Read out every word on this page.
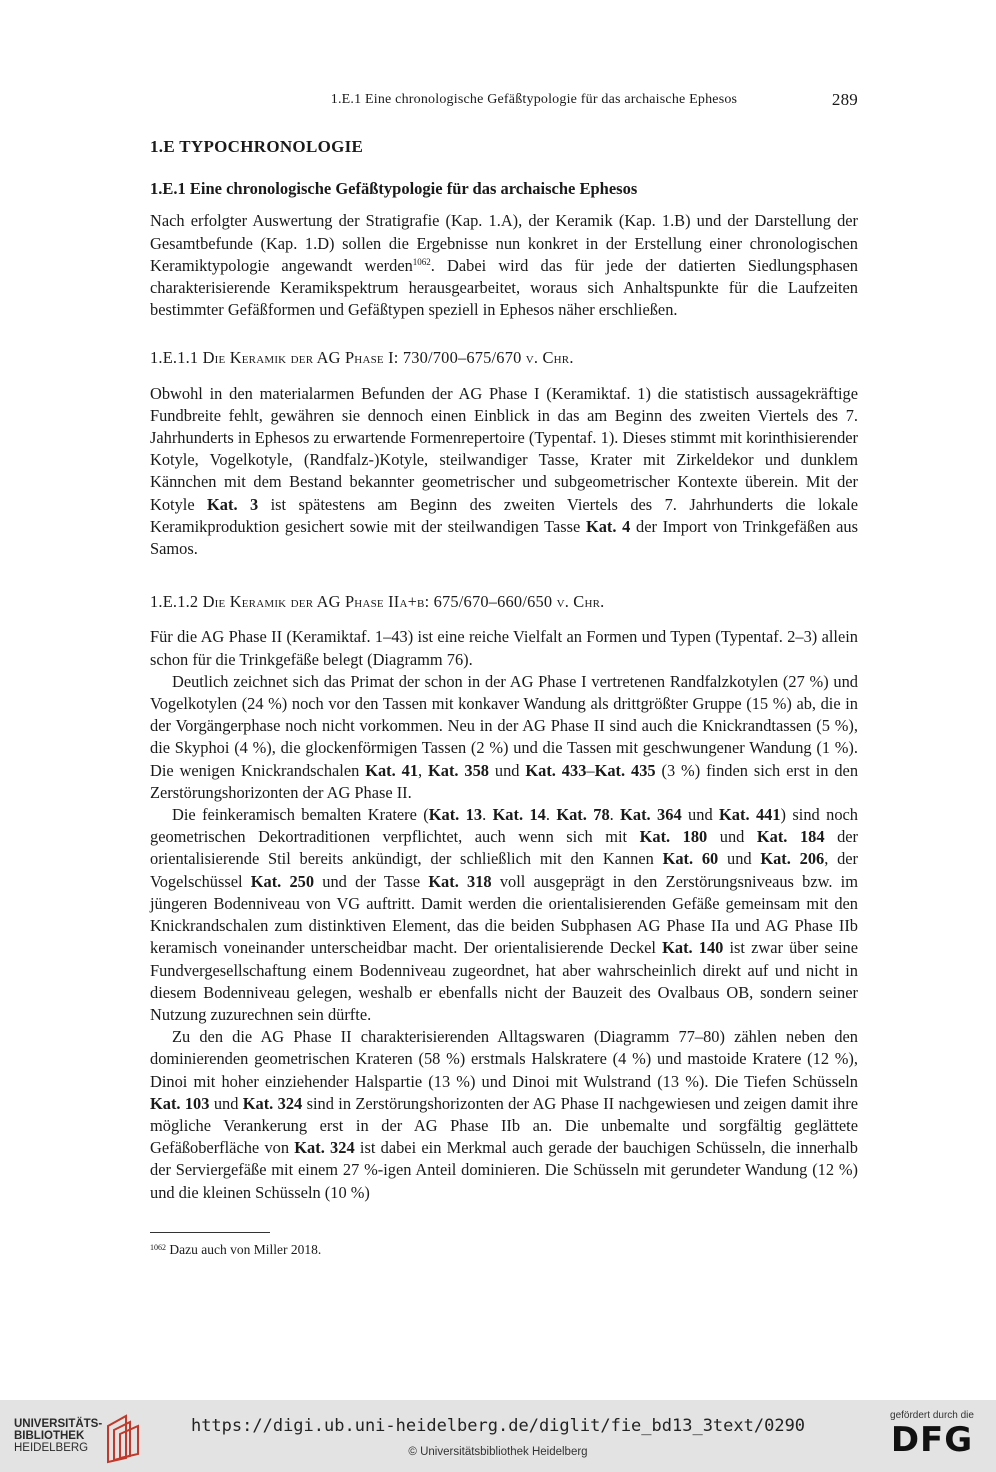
1.E.1 Eine chronologische Gefäßtypologie für das archaische Ephesos	289
1.E TYPOCHRONOLOGIE
1.E.1 Eine chronologische Gefäßtypologie für das archaische Ephesos

Nach erfolgter Auswertung der Stratigrafie (Kap. 1.A), der Keramik (Kap. 1.B) und der Darstellung der Gesamtbefunde (Kap. 1.D) sollen die Ergebnisse nun konkret in der Erstellung einer chronologischen Keramiktypologie angewandt werden$^{1062}$. Dabei wird das für jede der datierten Siedlungsphasen charakterisierende Keramikspektrum herausgearbeitet, woraus sich Anhaltspunkte für die Laufzeiten bestimmter Gefäßformen und Gefäßtypen speziell in Ephesos näher erschließen.

1.E.1.1 Die Keramik der AG Phase I: 730/700–675/670 v. Chr.

Obwohl in den materialarmen Befunden der AG Phase I (Keramiktaf. 1) die statistisch aussagekräftige Fundbreite fehlt, gewähren sie dennoch einen Einblick in das am Beginn des zweiten Viertels des 7. Jahrhunderts in Ephesos zu erwartende Formenrepertoire (Typentaf. 1). Dieses stimmt mit korinthisierender Kotyle, Vogelkotyle, (Randfalz-)Kotyle, steilwandiger Tasse, Krater mit Zirkeldekor und dunklem Kännchen mit dem Bestand bekannter geometrischer und subgeometrischer Kontexte überein. Mit der Kotyle Kat. 3 ist spätestens am Beginn des zweiten Viertels des 7. Jahrhunderts die lokale Keramikproduktion gesichert sowie mit der steilwandigen Tasse Kat. 4 der Import von Trinkgefäßen aus Samos.

1.E.1.2 Die Keramik der AG Phase IIa+b: 675/670–660/650 v. Chr.

Für die AG Phase II (Keramiktaf. 1–43) ist eine reiche Vielfalt an Formen und Typen (Typentaf. 2–3) allein schon für die Trinkgefäße belegt (Diagramm 76).

Deutlich zeichnet sich das Primat der schon in der AG Phase I vertretenen Randfalzkotylen (27 %) und Vogelkotylen (24 %) noch vor den Tassen mit konkaver Wandung als drittgrößter Gruppe (15 %) ab, die in der Vorgängerphase noch nicht vorkommen. Neu in der AG Phase II sind auch die Knickrandtassen (5 %), die Skyphoi (4 %), die glockenförmigen Tassen (2 %) und die Tassen mit geschwungener Wandung (1 %). Die wenigen Knickrandschalen Kat. 41, Kat. 358 und Kat. 433–Kat. 435 (3 %) finden sich erst in den Zerstörungshorizonten der AG Phase II.

Die feinkeramisch bemalten Kratere (Kat. 13. Kat. 14. Kat. 78. Kat. 364 und Kat. 441) sind noch geometrischen Dekortraditionen verpflichtet, auch wenn sich mit Kat. 180 und Kat. 184 der orientalisierende Stil bereits ankündigt, der schließlich mit den Kannen Kat. 60 und Kat. 206, der Vogelschüssel Kat. 250 und der Tasse Kat. 318 voll ausgeprägt in den Zerstörungsniveaus bzw. im jüngeren Bodenniveau von VG auftritt. Damit werden die orientalisierenden Gefäße gemeinsam mit den Knickrandschalen zum distinktiven Element, das die beiden Subphasen AG Phase IIa und AG Phase IIb keramisch voneinander unterscheidbar macht. Der orientalisierende Deckel Kat. 140 ist zwar über seine Fundvergesellschaftung einem Bodenniveau zugeordnet, hat aber wahrscheinlich direkt auf und nicht in diesem Bodenniveau gelegen, weshalb er ebenfalls nicht der Bauzeit des Ovalbaus OB, sondern seiner Nutzung zuzurechnen sein dürfte.

Zu den die AG Phase II charakterisierenden Alltagswaren (Diagramm 77–80) zählen neben den dominierenden geometrischen Krateren (58 %) erstmals Halskratere (4 %) und mastoide Kratere (12 %), Dinoi mit hoher einziehender Halspartie (13 %) und Dinoi mit Wulstrand (13 %). Die Tiefen Schüsseln Kat. 103 und Kat. 324 sind in Zerstörungshorizonten der AG Phase II nachgewiesen und zeigen damit ihre mögliche Verankerung erst in der AG Phase IIb an. Die unbemalte und sorgfältig geglättete Gefäßoberfläche von Kat. 324 ist dabei ein Merkmal auch gerade der bauchigen Schüsseln, die innerhalb der Serviergefäße mit einem 27 %-igen Anteil dominieren. Die Schüsseln mit gerundeter Wandung (12 %) und die kleinen Schüsseln (10 %)

$^{1062}$ Dazu auch von Miller 2018.
UNIVERSITÄTS-
BIBLIOTHEK
HEIDELBERG
https://digi.ub.uni-heidelberg.de/diglit/fie_bd13_3text/0290
© Universitätsbibliothek Heidelberg
gefördert durch die
DFG
